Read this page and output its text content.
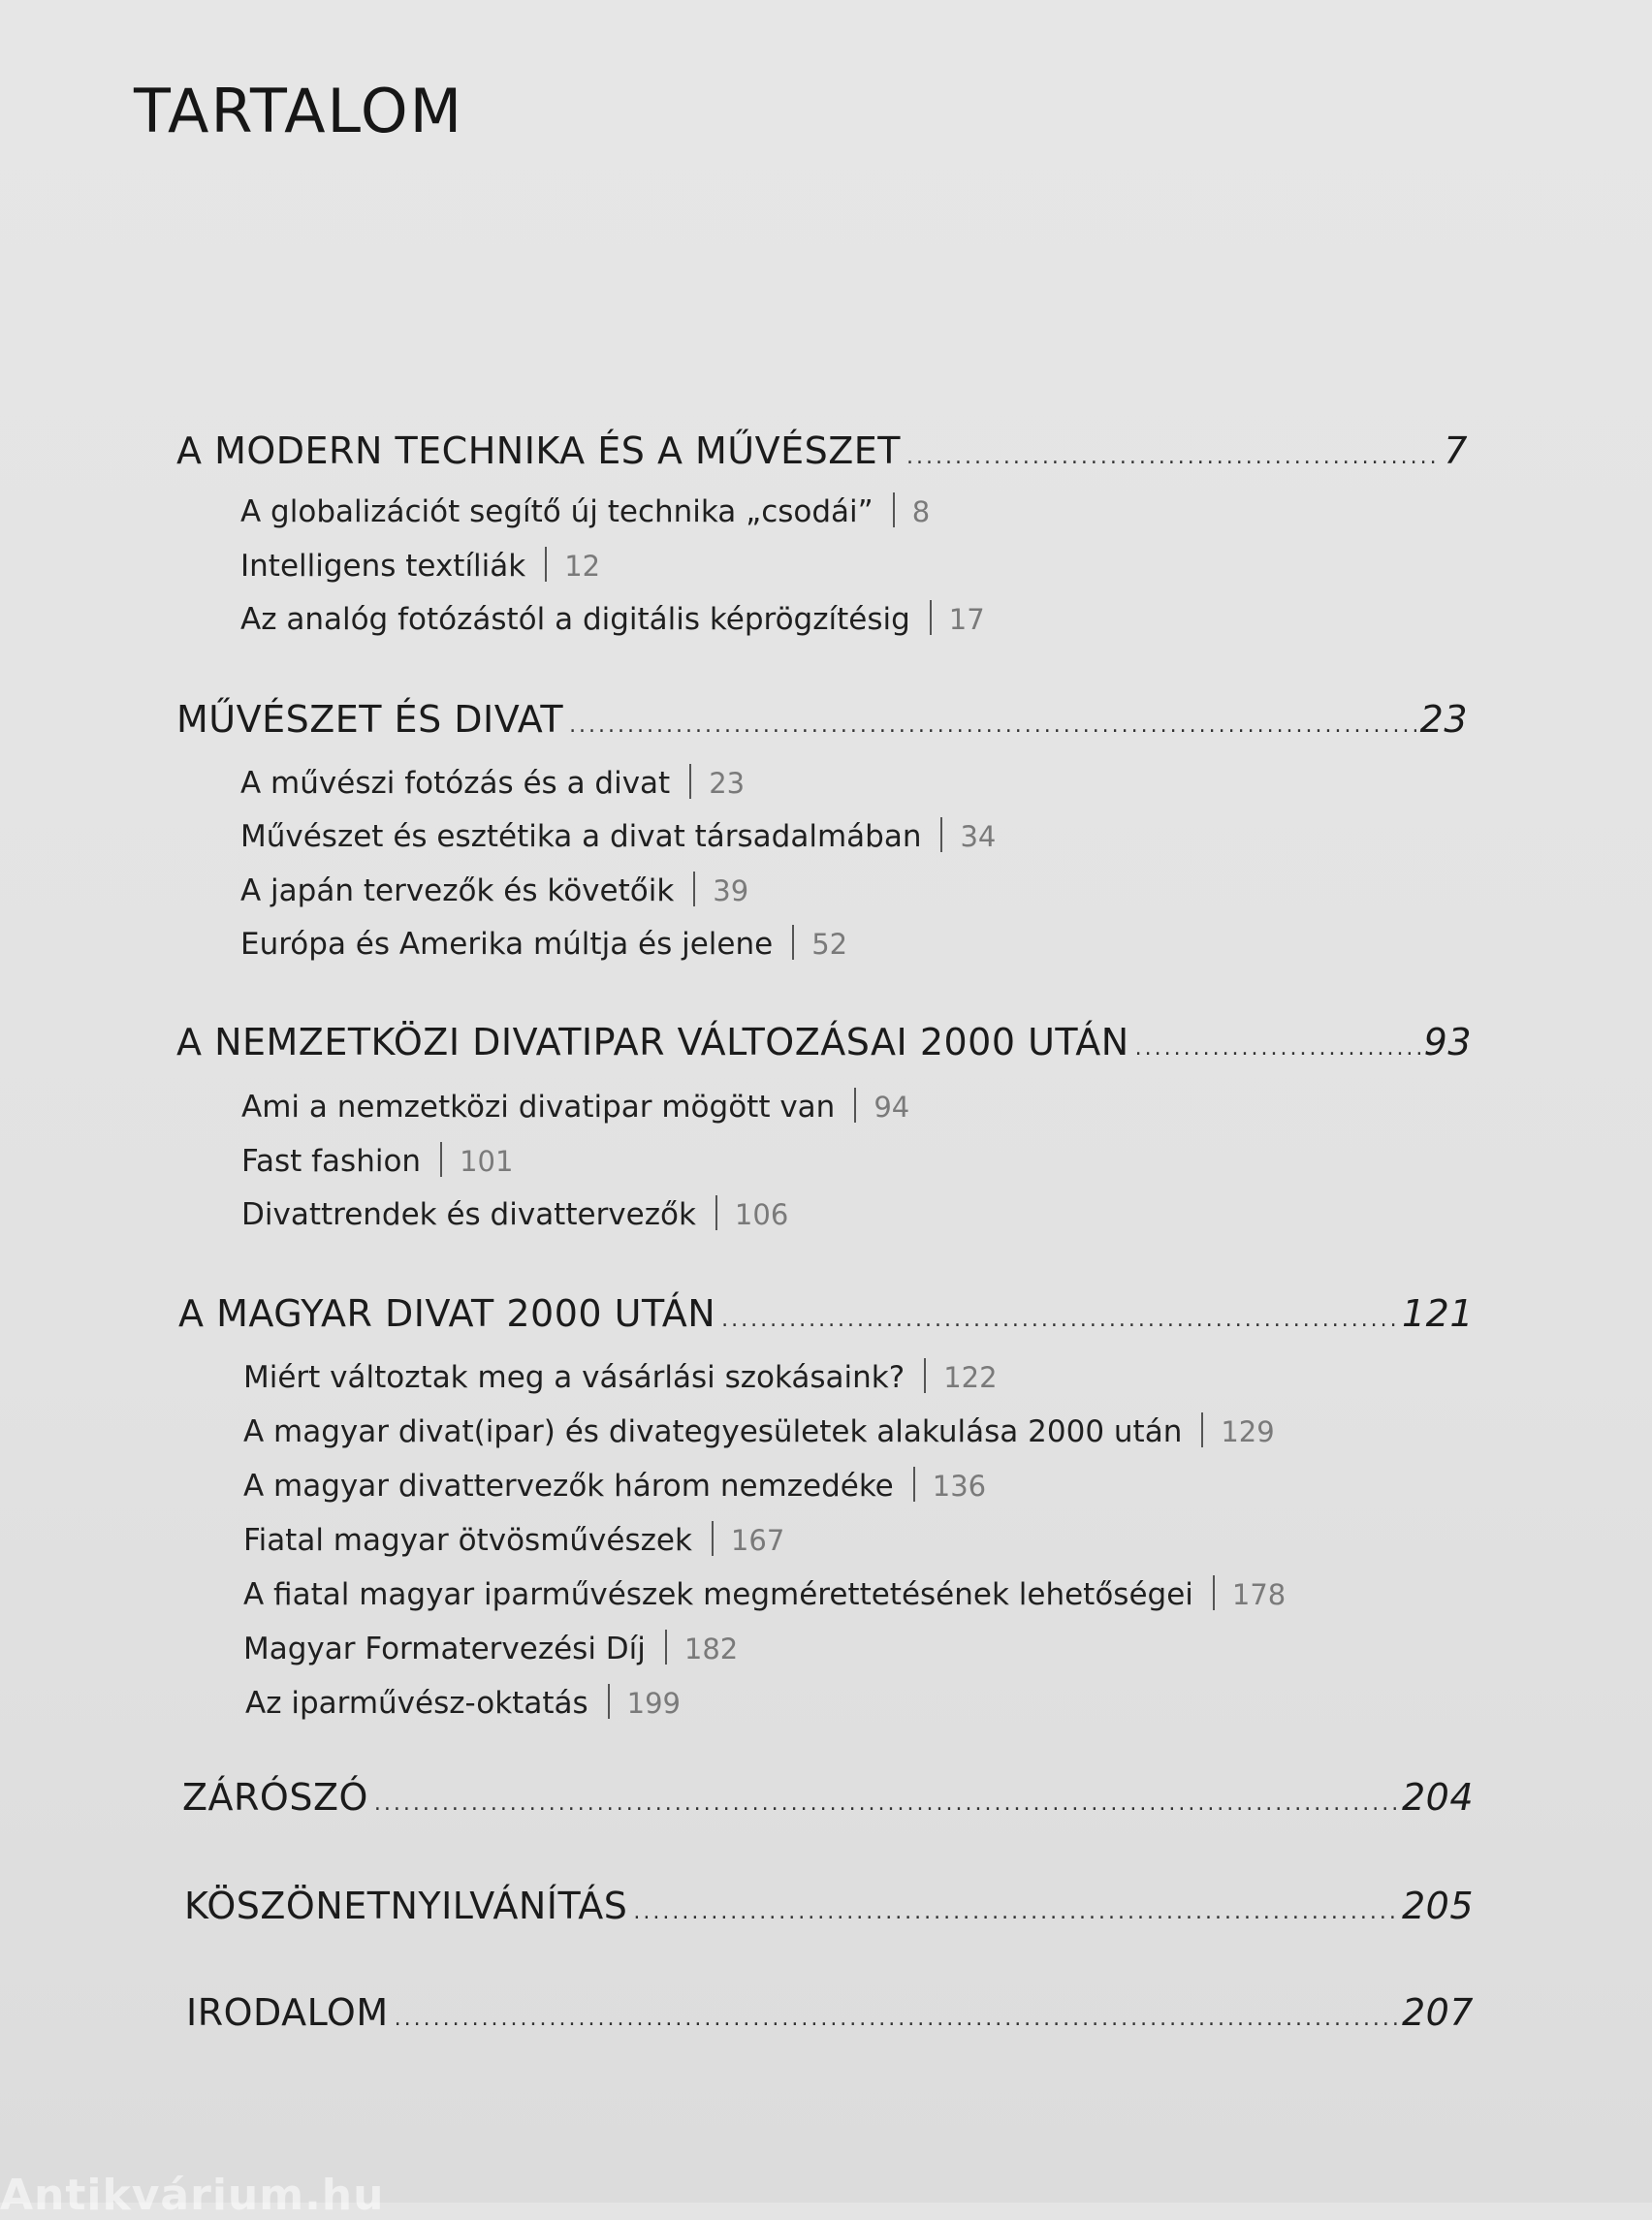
TARTALOM
A MODERN TECHNIKA ÉS A MŰVÉSZET .....	7
A globalizációt segítő új technika „csodái” 8
Intelligens textíliák 12
Az analóg fotózástól a digitális képrögzítésig 17
MŰVÉSZET ÉS DIVAT .....	23
A művészi fotózás és a divat 23
Művészet és esztétika a divat társadalmában 34
A japán tervezők és követőik 39
Európa és Amerika múltja és jelene 52
A NEMZETKÖZI DIVATIPAR VÁLTOZÁSAI 2000 UTÁN .....	93
Ami a nemzetközi divatipar mögött van 94
Fast fashion 101
Divattrendek és divattervezők 106
A MAGYAR DIVAT 2000 UTÁN .....	121
Miért változtak meg a vásárlási szokásaink? 122
A magyar divat(ipar) és divategyesületek alakulása 2000 után 129
A magyar divattervezők három nemzedéke 136
Fiatal magyar ötvösművészek 167
A fiatal magyar iparművészek megmérettetésének lehetőségei 178
Magyar Formatervezési Díj 182
Az iparművész-oktatás 199
ZÁRÓSZÓ .....	204
KÖSZÖNETNYILVÁNÍTÁS .....	205
IRODALOM .....	207
Antikvárium.hu
